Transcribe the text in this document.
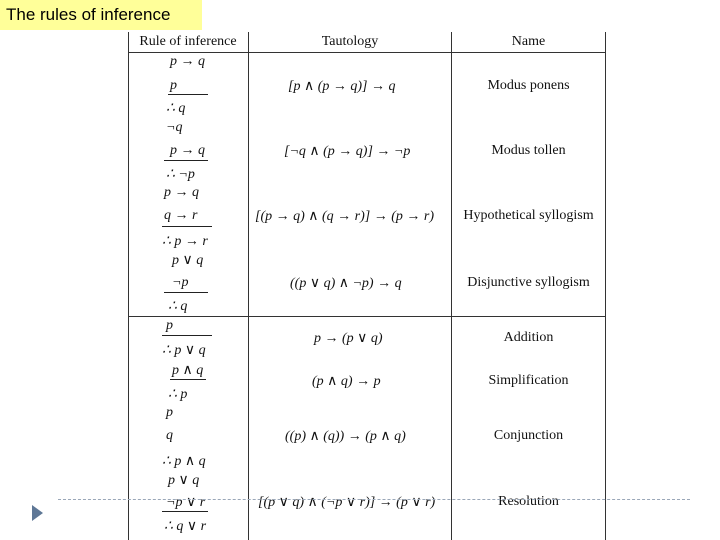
The rules of inference
Rule of inference	Tautology	Name
p → q
p
∴ q
[p ∧ (p → q)] → q	Modus ponens
¬q
p → q
∴ ¬p
[¬q ∧ (p → q)] → ¬p	Modus tollen
p → q
q → r
∴ p → r
[(p → q) ∧ (q → r)] → (p → r)	Hypothetical syllogism
p ∨ q
¬p
∴ q
((p ∨ q) ∧ ¬p) → q	Disjunctive syllogism
p
∴ p ∨ q
p → (p ∨ q)	Addition
p ∧ q
∴ p
(p ∧ q) → p	Simplification
p
q
∴ p ∧ q
((p) ∧ (q)) → (p ∧ q)	Conjunction
p ∨ q
¬p ∨ r
∴ q ∨ r
[(p ∨ q) ∧ (¬p ∨ r)] → (p ∨ r)	Resolution
